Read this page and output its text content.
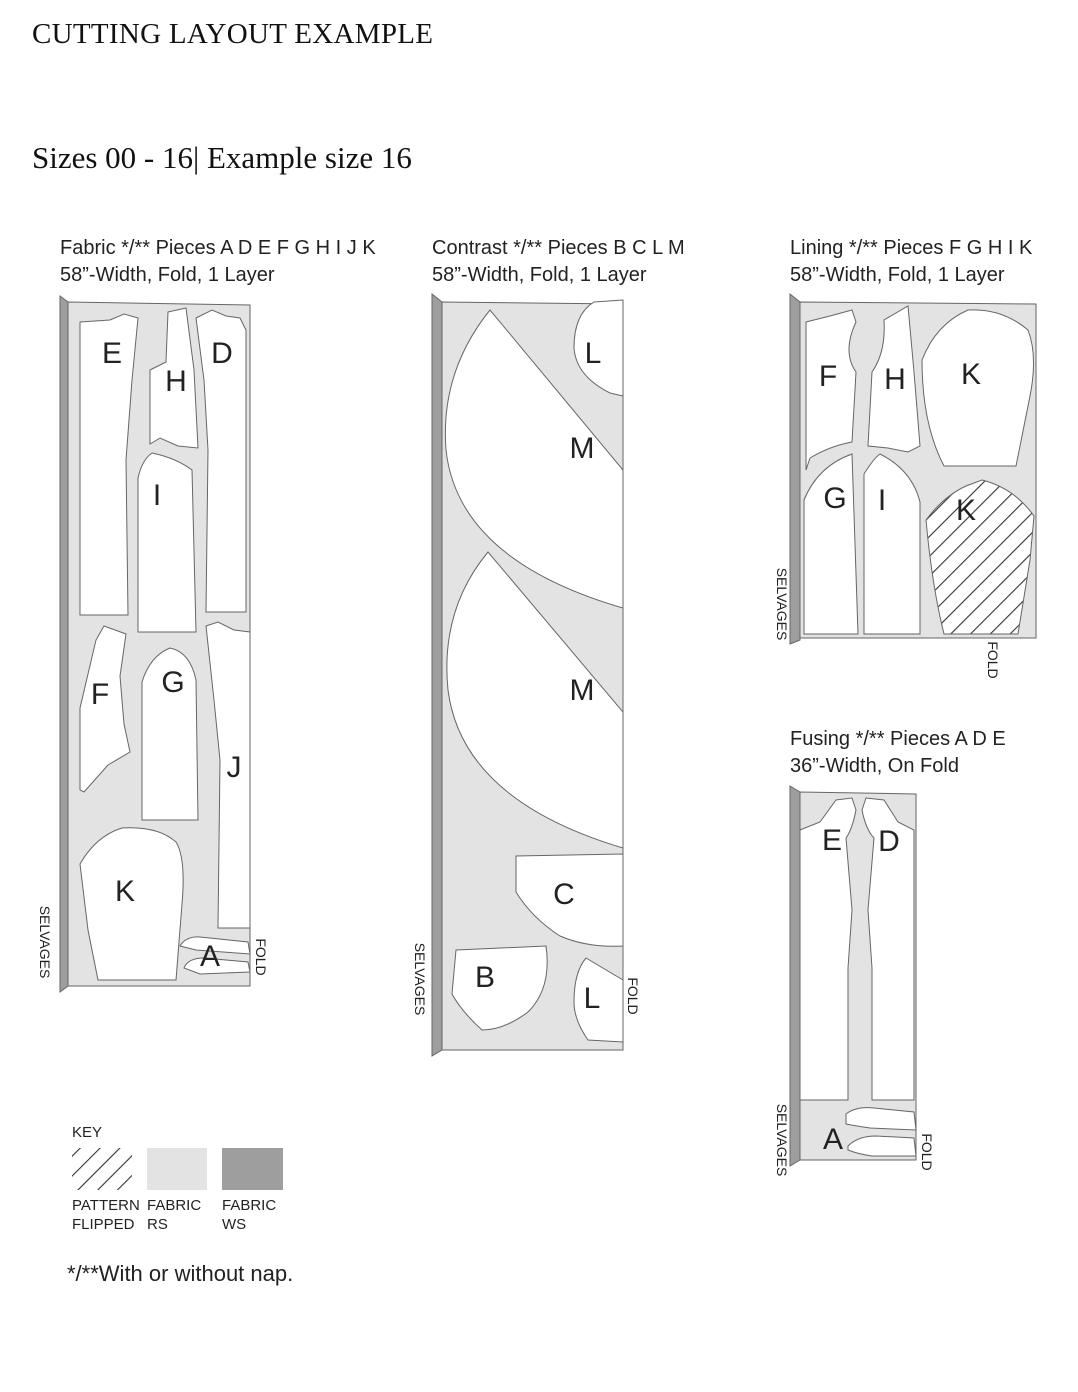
CUTTING LAYOUT EXAMPLE
Sizes 00 - 16| Example size 16
Fabric */** Pieces A D E F G H I J K
58”-Width, Fold, 1 Layer
E
H
D
I
F G
J
K
A
SELVAGES	FOLD
Contrast */** Pieces B C L M
58”-Width, Fold, 1 Layer
L
M
M
C
B
L
SELVAGES	FOLD
Lining */** Pieces F G H I K
58”-Width, Fold, 1 Layer
F H K
G I K
SELVAGES
FOLD
Fusing */** Pieces A D E
36”-Width, On Fold
E D
A
SELVAGES	FOLD
KEY
PATTERN
FLIPPED
FABRIC
RS
FABRIC
WS
*/**With or without nap.
